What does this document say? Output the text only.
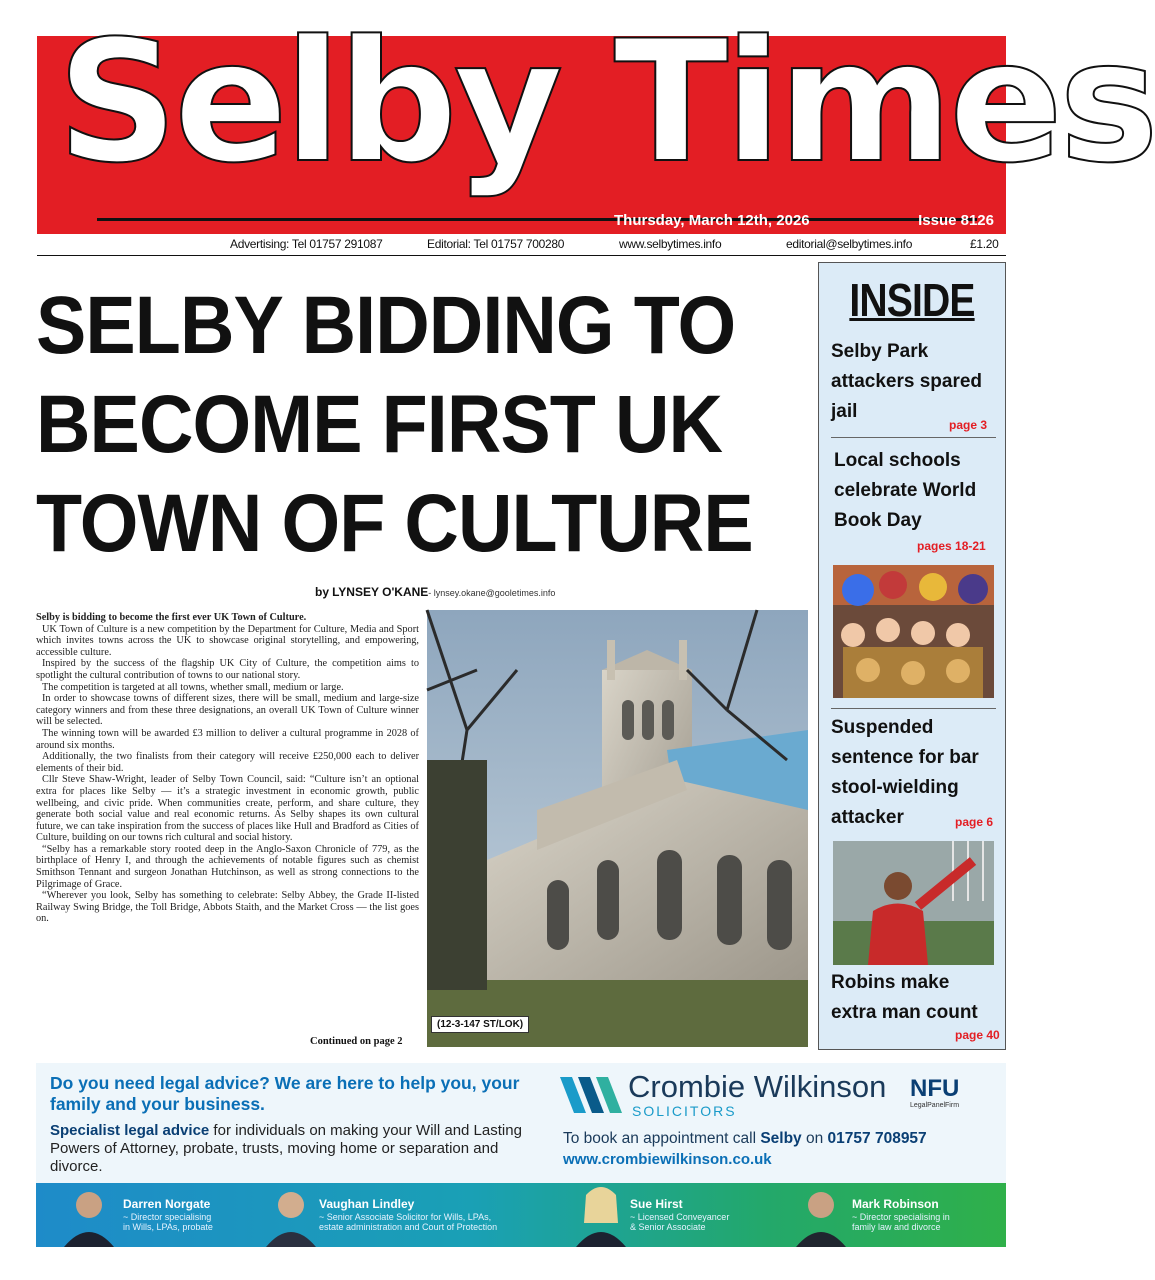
Selby Times
Thursday, March 12th, 2026	Issue 8126
Advertising: Tel 01757 291087	Editorial: Tel 01757 700280	www.selbytimes.info	editorial@selbytimes.info	£1.20
SELBY BIDDING TO
BECOME FIRST UK
TOWN OF CULTURE
by LYNSEY O'KANE- lynsey.okane@gooletimes.info

Selby is bidding to become the first ever UK Town of Culture.

UK Town of Culture is a new competition by the Department for Culture, Media and Sport which invites towns across the UK to showcase original storytelling, and empowering, accessible culture.

Inspired by the success of the flagship UK City of Culture, the competition aims to spotlight the cultural contribution of towns to our national story.

The competition is targeted at all towns, whether small, medium or large.

In order to showcase towns of different sizes, there will be small, medium and large-size category winners and from these three designations, an overall UK Town of Culture winner will be selected.

The winning town will be awarded £3 million to deliver a cultural programme in 2028 of around six months.

Additionally, the two finalists from their category will receive £250,000 each to deliver elements of their bid.

Cllr Steve Shaw-Wright, leader of Selby Town Council, said: “Culture isn’t an optional extra for places like Selby — it’s a strategic investment in economic growth, public wellbeing, and civic pride. When communities create, perform, and share culture, they generate both social value and real economic returns. As Selby shapes its own cultural future, we can take inspiration from the success of places like Hull and Bradford as Cities of Culture, building on our towns rich cultural and social history.

“Selby has a remarkable story rooted deep in the Anglo-Saxon Chronicle of 779, as the birthplace of Henry I, and through the achievements of notable figures such as chemist Smithson Tennant and surgeon Jonathan Hutchinson, as well as strong connections to the Pilgrimage of Grace.

“Wherever you look, Selby has something to celebrate: Selby Abbey, the Grade II-listed Railway Swing Bridge, the Toll Bridge, Abbots Staith, and the Market Cross — the list goes on.

Continued on page 2
(12-3-147 ST/LOK)
INSIDE
Selby Park attackers spared jail
page 3
Local schools celebrate World Book Day
pages 18-21
Suspended sentence for bar stool-wielding attacker	page 6
Robins make extra man count
page 40
Do you need legal advice? We are here to help you, your family and your business.
Specialist legal advice for individuals on making your Will and Lasting Powers of Attorney, probate, trusts, moving home or separation and divorce.
Crombie Wilkinson
SOLICITORS
NFU
LegalPanelFirm
To book an appointment call Selby on 01757 708957
www.crombiewilkinson.co.uk
Darren Norgate
~ Director specialising
in Wills, LPAs, probate
Vaughan Lindley
~ Senior Associate Solicitor for Wills, LPAs,
estate administration and Court of Protection
Sue Hirst
~ Licensed Conveyancer
& Senior Associate
Mark Robinson
~ Director specialising in
family law and divorce
